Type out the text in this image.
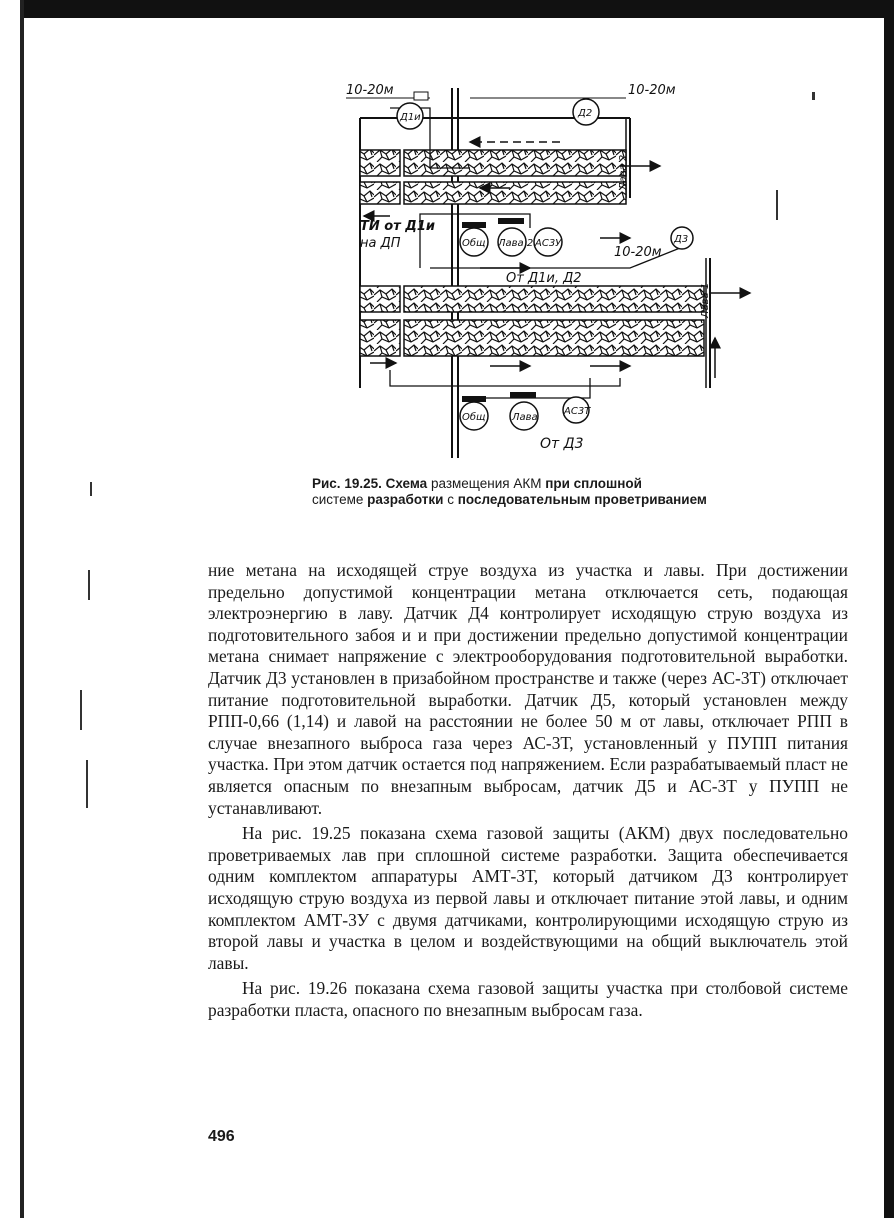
10-20м	10-20м
10-20м
ТИ от Д1и
на ДП
От Д1и, Д2
От Д3
Лава 2
Лава 1
Д1и	Д2
Д3
Общ Лава 2 АС3У
Общ	Лава
АС3Т
Рис. 19.25. Схема размещения АКМ при сплошной
системе разработки с последовательным проветриванием

ние метана на исходящей струе воздуха из участка и лавы. При достижении предельно допустимой концентрации метана отключается сеть, подающая электроэнергию в лаву. Датчик Д4 контролирует исходящую струю воздуха из подготовительного забоя и и при достижении предельно допустимой концентрации метана снимает напряжение с электрооборудования подготовительной выработки. Датчик Д3 установлен в призабойном пространстве и также (через АС-3Т) отключает питание подготовительной выработки. Датчик Д5, который установлен между РПП-0,66 (1,14) и лавой на расстоянии не более 50 м от лавы, отключает РПП в случае внезапного выброса газа через АС-3Т, установленный у ПУПП питания участка. При этом датчик остается под напряжением. Если разрабатываемый пласт не является опасным по внезапным выбросам, датчик Д5 и АС-3Т у ПУПП не устанавливают.

На рис. 19.25 показана схема газовой защиты (АКМ) двух последовательно проветриваемых лав при сплошной системе разработки. Защита обеспечивается одним комплектом аппаратуры АМТ-3Т, который датчиком Д3 контролирует исходящую струю воздуха из первой лавы и отключает питание этой лавы, и одним комплектом АМТ-3У с двумя датчиками, контролирующими исходящую струю из второй лавы и участка в целом и воздействующими на общий выключатель этой лавы.

На рис. 19.26 показана схема газовой защиты участка при столбовой системе разработки пласта, опасного по внезапным выбросам газа.

496
